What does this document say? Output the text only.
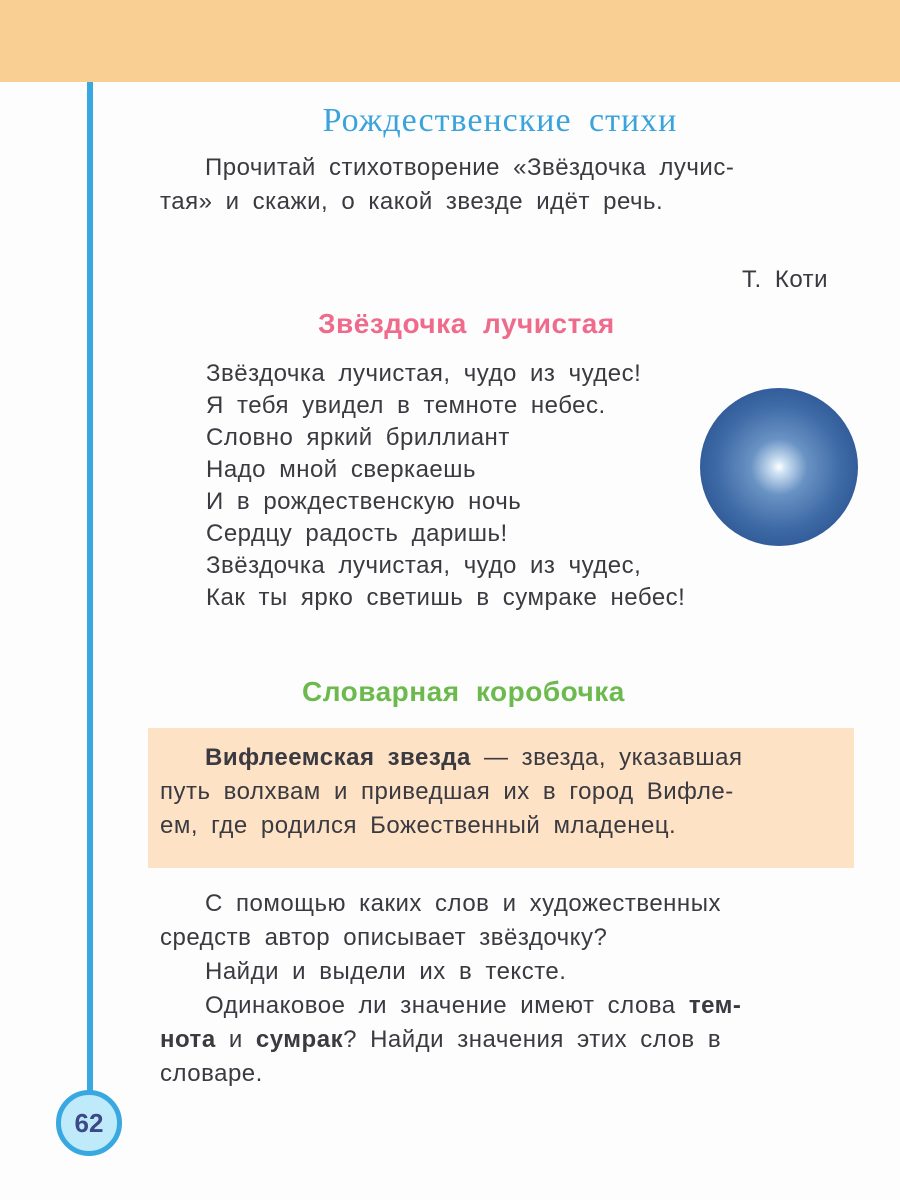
62
Рождественские стихи
Прочитай стихотворение «Звёздочка лучис-
тая» и скажи, о какой звезде идёт речь.
Т. Коти
Звёздочка лучистая
Звёздочка лучистая, чудо из чудес!
Я тебя увидел в темноте небес.
Словно яркий бриллиант
Надо мной сверкаешь
И в рождественскую ночь
Сердцу радость даришь!
Звёздочка лучистая, чудо из чудес,
Как ты ярко светишь в сумраке небес!
Словарная коробочка
Вифлеемская звезда — звезда, указавшая
путь волхвам и приведшая их в город Вифле-
ем, где родился Божественный младенец.
С помощью каких слов и художественных
средств автор описывает звёздочку?
Найди и выдели их в тексте.
Одинаковое ли значение имеют слова тем-
нота и сумрак? Найди значения этих слов в
словаре.
